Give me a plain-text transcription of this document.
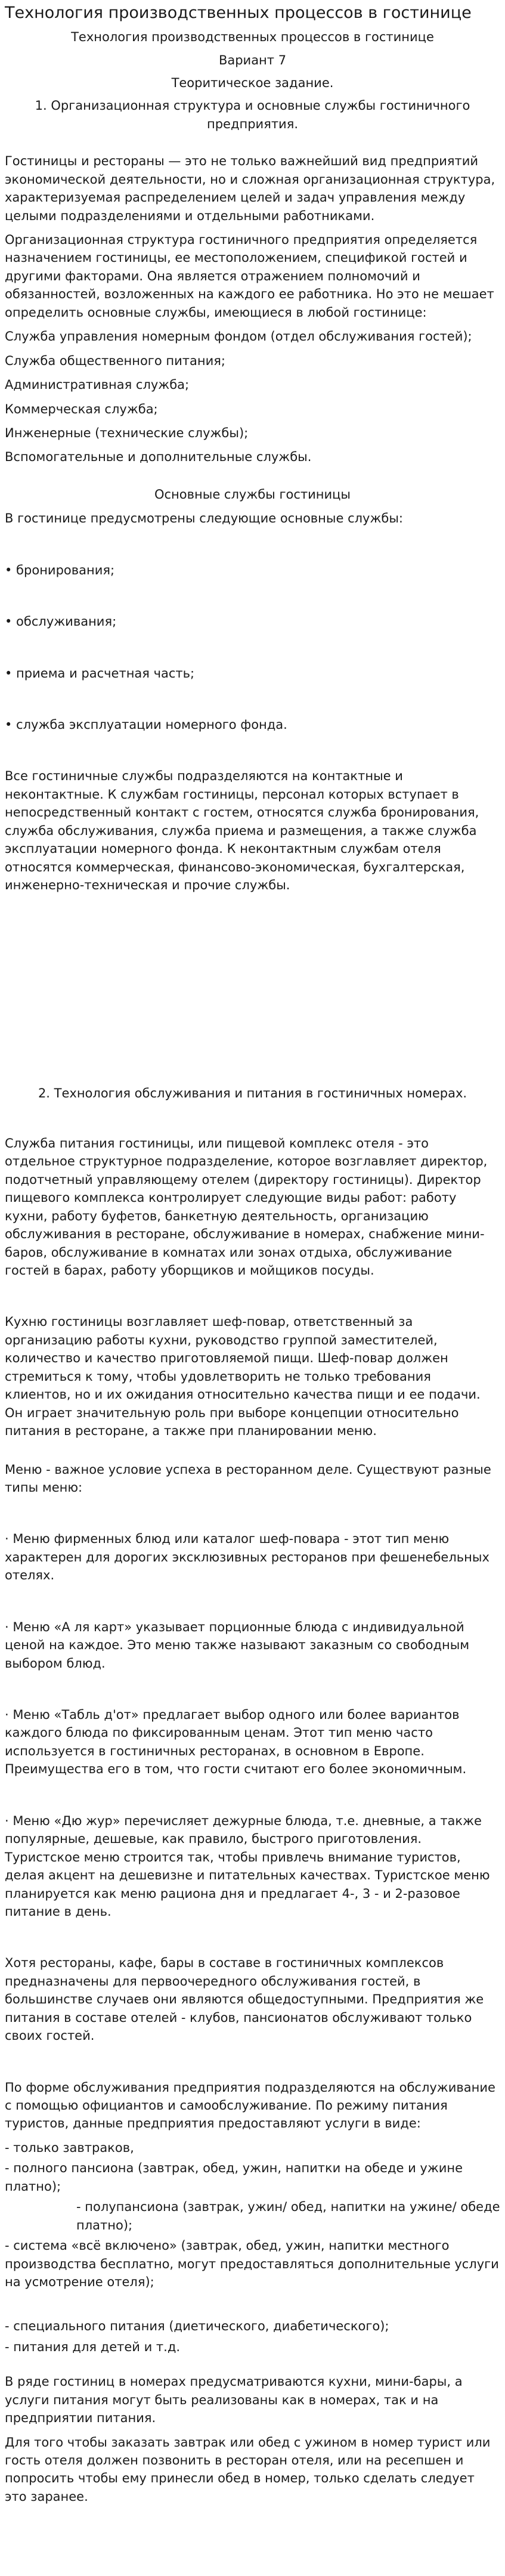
Технология производственных процессов в гостинице
Технология производственных процессов в гостинице
Вариант 7
Теоритическое задание.
1. Организационная структура и основные службы гостиничного предприятия.

Гостиницы и рестораны — это не только важнейший вид предприятий экономической деятельности, но и сложная организационная структура, характеризуемая распределением целей и задач управления между целыми подразделениями и отдельными работниками.

Организационная структура гостиничного предприятия определяется назначением гостиницы, ее местоположением, спецификой гостей и другими факторами. Она является отражением полномочий и обязанностей, возложенных на каждого ее работника. Но это не мешает определить основные службы, имеющиеся в любой гостинице:

Служба управления номерным фондом (отдел обслуживания гостей);

Служба общественного питания;

Административная служба;

Коммерческая служба;

Инженерные (технические службы);

Вспомогательные и дополнительные службы.

Основные службы гостиницы

В гостинице предусмотрены следующие основные службы:

• бронирования;

• обслуживания;

• приема и расчетная часть;

• служба эксплуатации номерного фонда.

Все гостиничные службы подразделяются на контактные и неконтактные. К службам гостиницы, персонал которых вступает в непосредственный контакт с гостем, относятся служба бронирования, служба обслуживания, служба приема и размещения, а также служба эксплуатации номерного фонда. К неконтактным службам отеля относятся коммерческая, финансово-экономическая, бухгалтерская, инженерно-техническая и прочие службы.

2. Технология обслуживания и питания в гостиничных номерах.

Служба питания гостиницы, или пищевой комплекс отеля - это отдельное структурное подразделение, которое возглавляет директор, подотчетный управляющему отелем (директору гостиницы). Директор пищевого комплекса контролирует следующие виды работ: работу кухни, работу буфетов, банкетную деятельность, организацию обслуживания в ресторане, обслуживание в номерах, снабжение мини-баров, обслуживание в комнатах или зонах отдыха, обслуживание гостей в барах, работу уборщиков и мойщиков посуды.

Кухню гостиницы возглавляет шеф-повар, ответственный за организацию работы кухни, руководство группой заместителей, количество и качество приготовляемой пищи. Шеф-повар должен стремиться к тому, чтобы удовлетворить не только требования клиентов, но и их ожидания относительно качества пищи и ее подачи. Он играет значительную роль при выборе концепции относительно питания в ресторане, а также при планировании меню.

Меню - важное условие успеха в ресторанном деле. Существуют разные типы меню:

· Меню фирменных блюд или каталог шеф-повара - этот тип меню характерен для дорогих эксклюзивных ресторанов при фешенебельных отелях.

· Меню «А ля карт» указывает порционные блюда с индивидуальной ценой на каждое. Это меню также называют заказным со свободным выбором блюд.

· Меню «Табль д'от» предлагает выбор одного или более вариантов каждого блюда по фиксированным ценам. Этот тип меню часто используется в гостиничных ресторанах, в основном в Европе. Преимущества его в том, что гости считают его более экономичным.

· Меню «Дю жур» перечисляет дежурные блюда, т.е. дневные, а также популярные, дешевые, как правило, быстрого приготовления. Туристское меню строится так, чтобы привлечь внимание туристов, делая акцент на дешевизне и питательных качествах. Туристское меню планируется как меню рациона дня и предлагает 4-, 3 - и 2-разовое питание в день.

Хотя рестораны, кафе, бары в составе в гостиничных комплексов предназначены для первоочередного обслуживания гостей, в большинстве случаев они являются общедоступными. Предприятия же питания в составе отелей - клубов, пансионатов обслуживают только своих гостей.

По форме обслуживания предприятия подразделяются на обслуживание с помощью официантов и самообслуживание. По режиму питания туристов, данные предприятия предоставляют услуги в виде:

- только завтраков,

- полного пансиона (завтрак, обед, ужин, напитки на обеде и ужине платно);

- полупансиона (завтрак, ужин/ обед, напитки на ужине/ обеде платно);

- система «всё включено» (завтрак, обед, ужин, напитки местного производства бесплатно, могут предоставляться дополнительные услуги на усмотрение отеля);

- специального питания (диетического, диабетического);

- питания для детей и т.д.

В ряде гостиниц в номерах предусматриваются кухни, мини-бары, а услуги питания могут быть реализованы как в номерах, так и на предприятии питания.

Для того чтобы заказать завтрак или обед с ужином в номер турист или гость отеля должен позвонить в ресторан отеля, или на ресепшен и попросить чтобы ему принесли обед в номер, только сделать следует это заранее.
